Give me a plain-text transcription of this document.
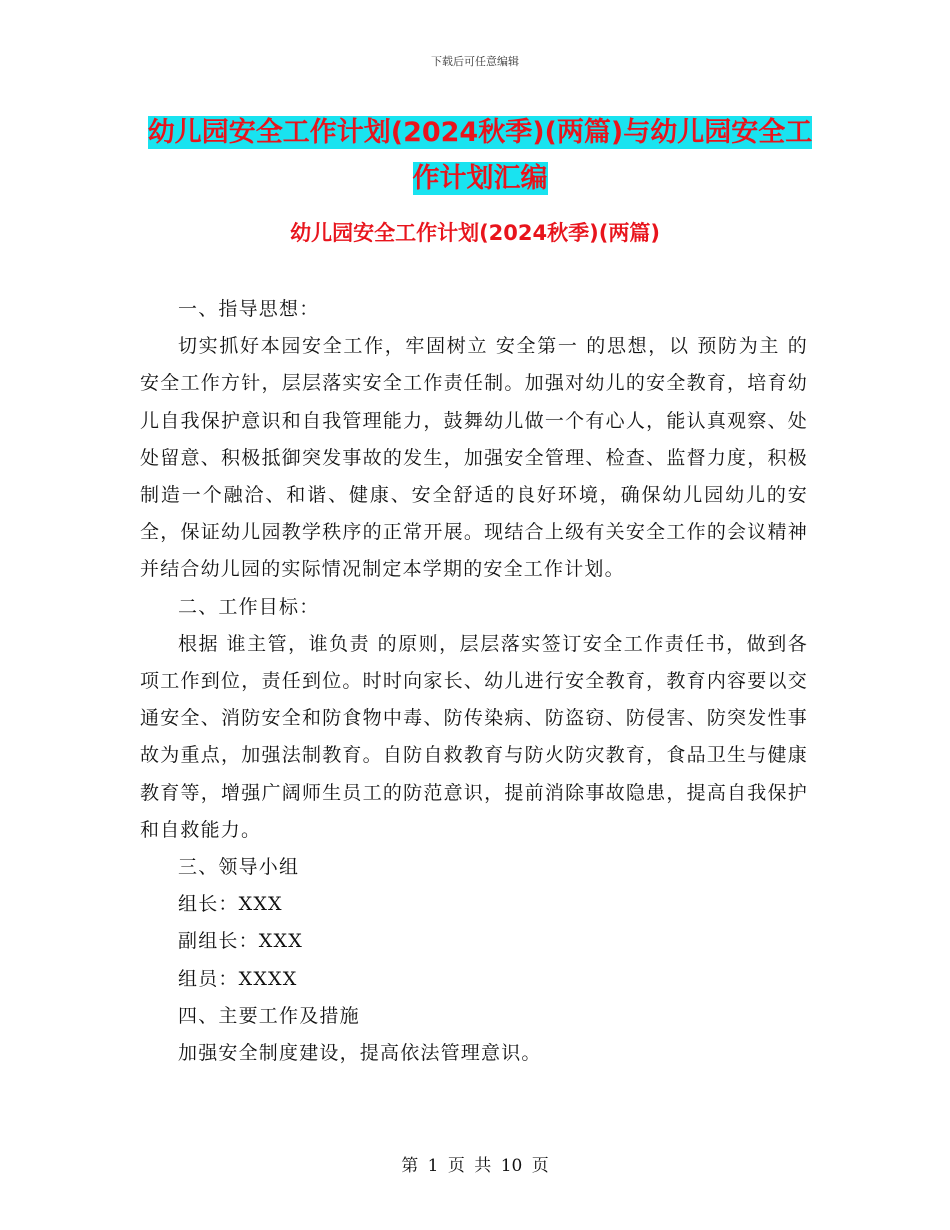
下载后可任意编辑
幼儿园安全工作计划(2024秋季)(两篇)与幼儿园安全工作计划汇编
幼儿园安全工作计划(2024秋季)(两篇)

一、指导思想：

切实抓好本园安全工作，牢固树立 安全第一 的思想，以 预防为主 的安全工作方针，层层落实安全工作责任制。加强对幼儿的安全教育，培育幼儿自我保护意识和自我管理能力，鼓舞幼儿做一个有心人，能认真观察、处处留意、积极抵御突发事故的发生，加强安全管理、检查、监督力度，积极制造一个融洽、和谐、健康、安全舒适的良好环境，确保幼儿园幼儿的安全，保证幼儿园教学秩序的正常开展。现结合上级有关安全工作的会议精神并结合幼儿园的实际情况制定本学期的安全工作计划。

二、工作目标：

根据 谁主管，谁负责 的原则，层层落实签订安全工作责任书，做到各项工作到位，责任到位。时时向家长、幼儿进行安全教育，教育内容要以交通安全、消防安全和防食物中毒、防传染病、防盗窃、防侵害、防突发性事故为重点，加强法制教育。自防自救教育与防火防灾教育，食品卫生与健康教育等，增强广阔师生员工的防范意识，提前消除事故隐患，提高自我保护和自救能力。

三、领导小组

组长：XXX

副组长：XXX

组员：XXXX

四、主要工作及措施

加强安全制度建设，提高依法管理意识。

第 1 页 共 10 页
